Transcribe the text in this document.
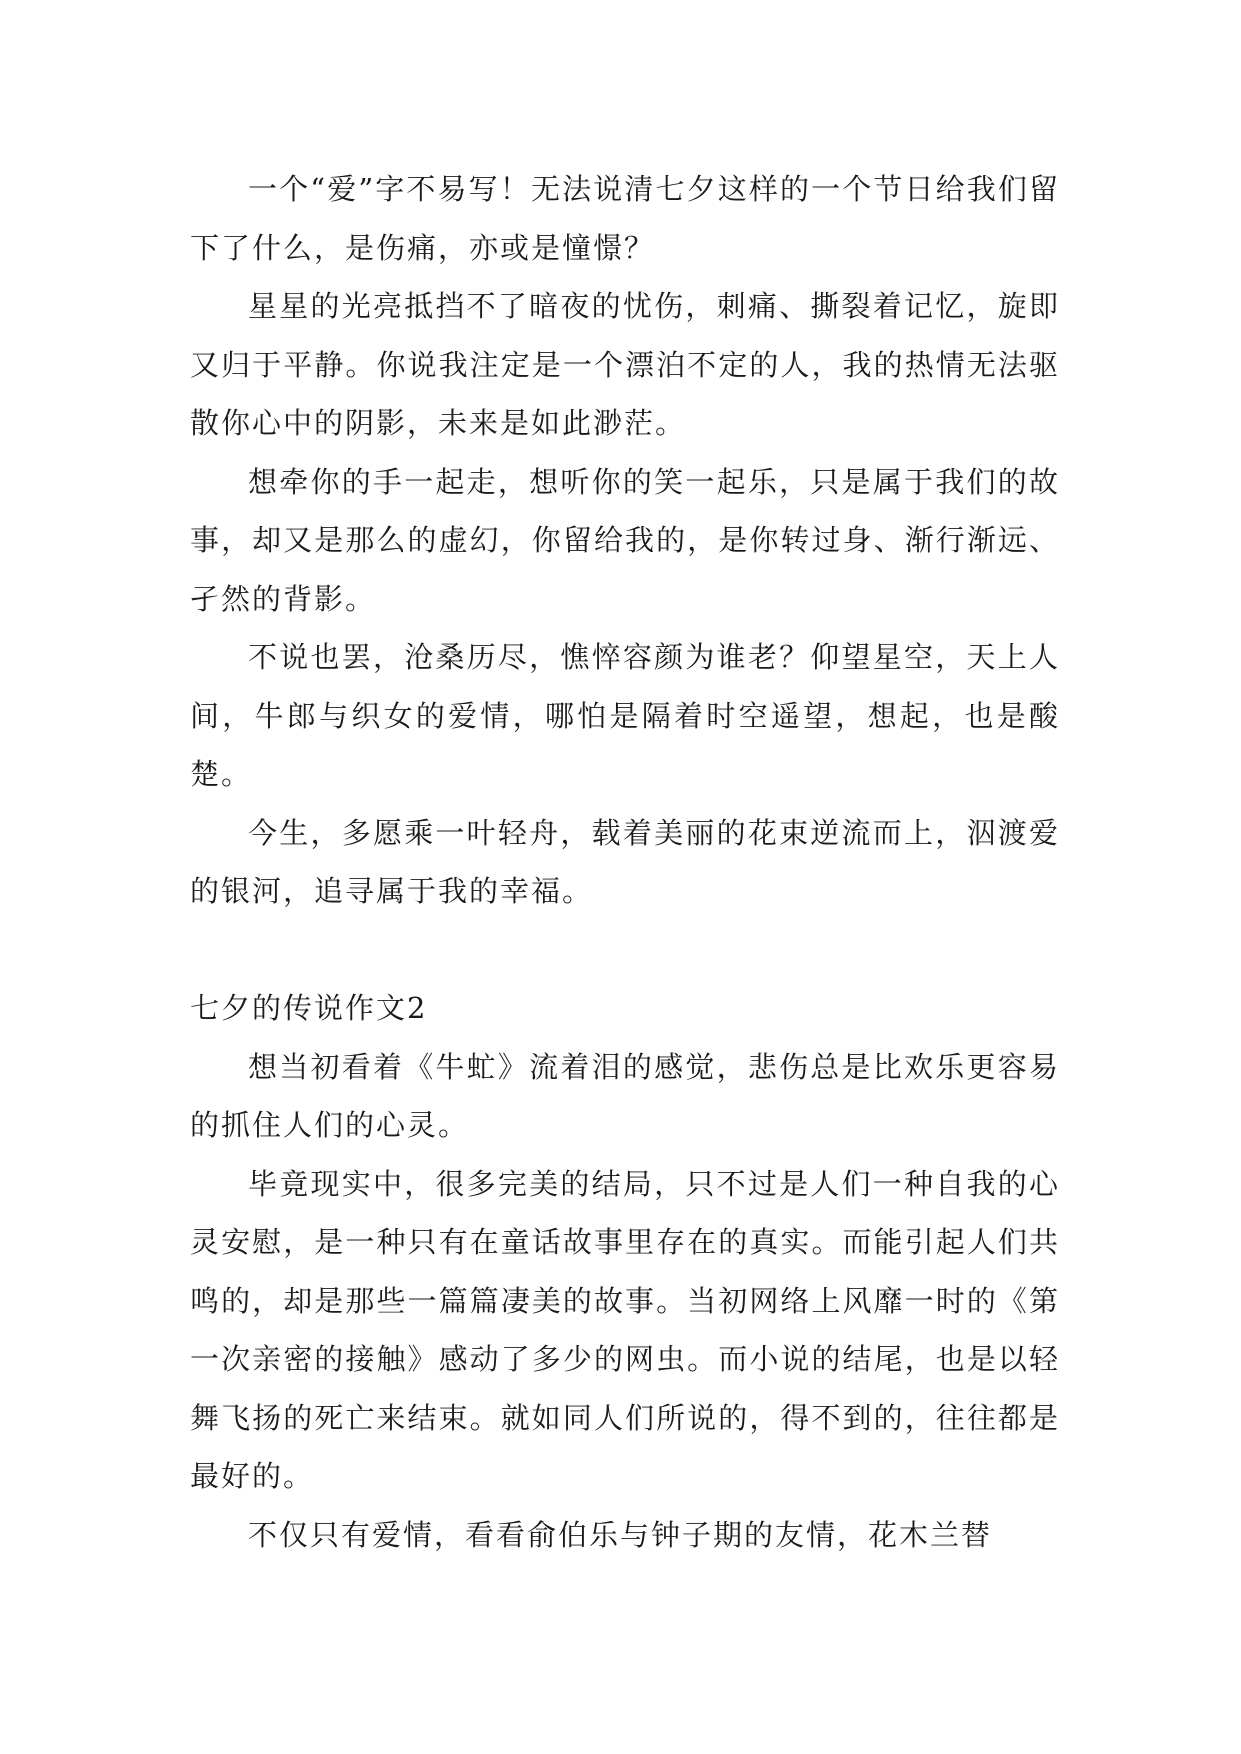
一个“爱”字不易写！无法说清七夕这样的一个节日给我们留下了什么，是伤痛，亦或是憧憬？

星星的光亮抵挡不了暗夜的忧伤，刺痛、撕裂着记忆，旋即又归于平静。你说我注定是一个漂泊不定的人，我的热情无法驱散你心中的阴影，未来是如此渺茫。

想牵你的手一起走，想听你的笑一起乐，只是属于我们的故事，却又是那么的虚幻，你留给我的，是你转过身、渐行渐远、孑然的背影。

不说也罢，沧桑历尽，憔悴容颜为谁老？仰望星空，天上人间，牛郎与织女的爱情，哪怕是隔着时空遥望，想起，也是酸楚。

今生，多愿乘一叶轻舟，载着美丽的花束逆流而上，泅渡爱的银河，追寻属于我的幸福。

七夕的传说作文2

想当初看着《牛虻》流着泪的感觉，悲伤总是比欢乐更容易的抓住人们的心灵。

毕竟现实中，很多完美的结局，只不过是人们一种自我的心灵安慰，是一种只有在童话故事里存在的真实。而能引起人们共鸣的，却是那些一篇篇凄美的故事。当初网络上风靡一时的《第一次亲密的接触》感动了多少的网虫。而小说的结尾，也是以轻舞飞扬的死亡来结束。就如同人们所说的，得不到的，往往都是最好的。

不仅只有爱情，看看俞伯乐与钟子期的友情，花木兰替
